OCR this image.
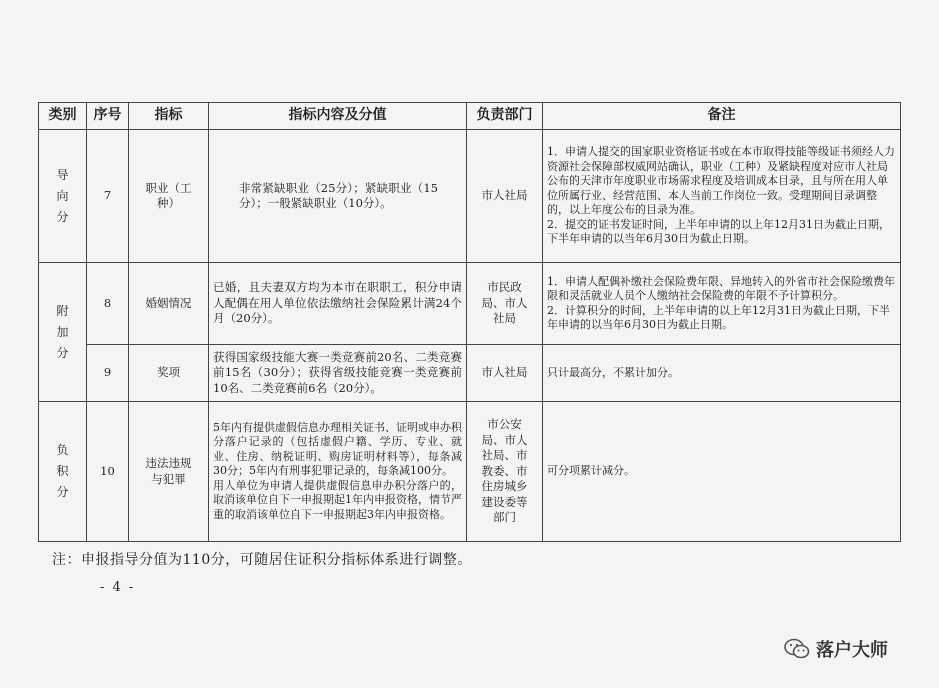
类别	序号	指标	指标内容及分值	负责部门	备注

导向分	7	职业（工种）	非常紧缺职业（25分）；紧缺职业（15分）；一般紧缺职业（10分）。	市人社局	1．申请人提交的国家职业资格证书或在本市取得技能等级证书须经人力资源社会保障部权威网站确认，职业（工种）及紧缺程度对应市人社局公布的天津市年度职业市场需求程度及培训成本目录，且与所在用人单位所属行业、经营范围、本人当前工作岗位一致。受理期间目录调整的，以上年度公布的目录为准。
2．提交的证书发证时间，上半年申请的以上年12月31日为截止日期，下半年申请的以当年6月30日为截止日期。

附加分	8	婚姻情况	已婚，且夫妻双方均为本市在职职工，积分申请人配偶在用人单位依法缴纳社会保险累计满24个月（20分）。	市民政局、市人社局	1．申请人配偶补缴社会保险费年限、异地转入的外省市社会保险缴费年限和灵活就业人员个人缴纳社会保险费的年限不予计算积分。
2．计算积分的时间，上半年申请的以上年12月31日为截止日期，下半年申请的以当年6月30日为截止日期。
	9	奖项	获得国家级技能大赛一类竞赛前20名、二类竞赛前15名（30分）；获得省级技能竞赛一类竞赛前10名、二类竞赛前6名（20分）。	市人社局	只计最高分，不累计加分。

负积分	10	违法违规与犯罪	5年内有提供虚假信息办理相关证书、证明或申办积分落户记录的（包括虚假户籍、学历、专业、就业、住房、纳税证明、购房证明材料等），每条减30分；5年内有刑事犯罪记录的，每条减100分。
用人单位为申请人提供虚假信息申办积分落户的，取消该单位自下一申报期起1年内申报资格，情节严重的取消该单位自下一申报期起3年内申报资格。	市公安局、市人社局、市教委、市住房城乡建设委等部门	可分项累计减分。
注：申报指导分值为110分，可随居住证积分指标体系进行调整。
- 4 -
落户大师
